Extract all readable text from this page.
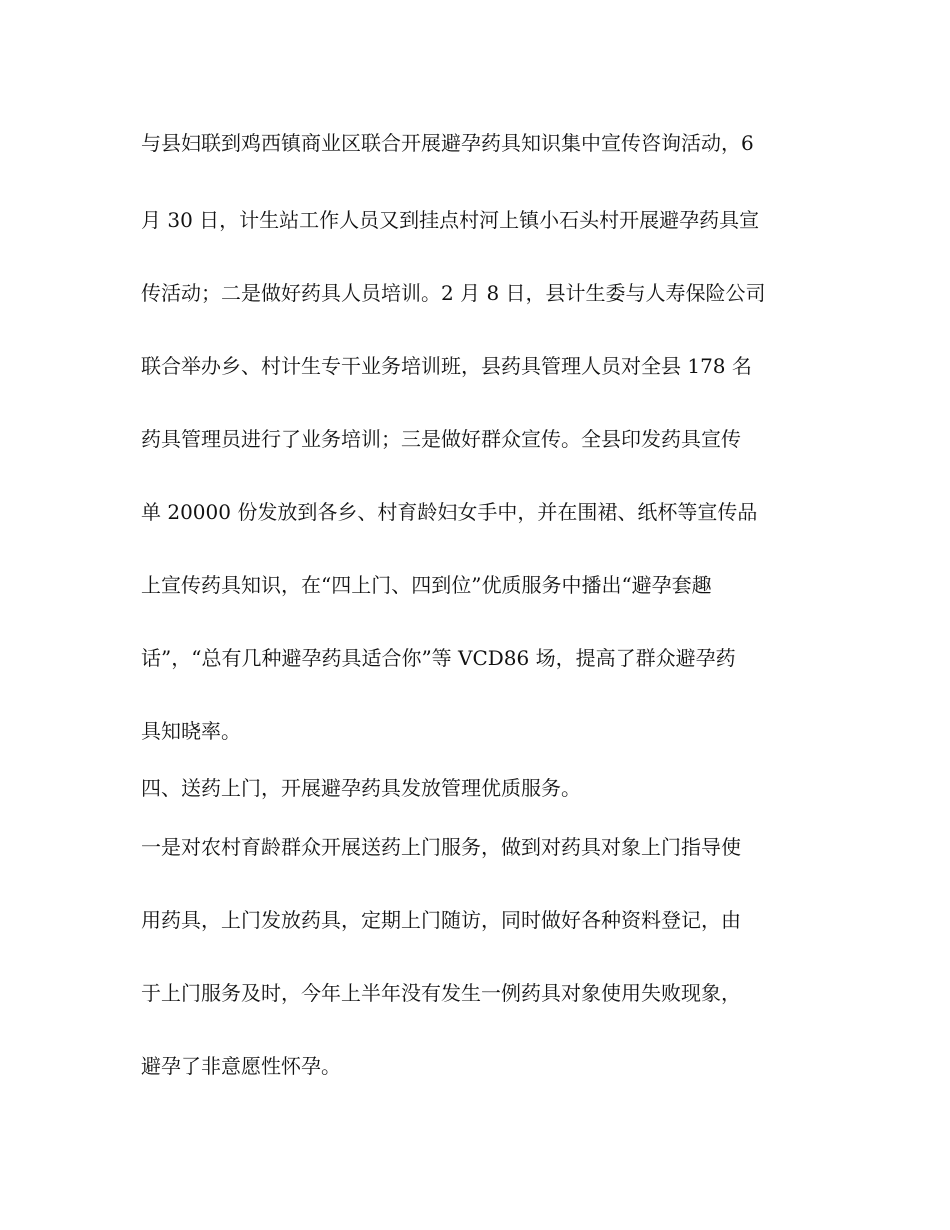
与县妇联到鸡西镇商业区联合开展避孕药具知识集中宣传咨询活动，6
月 30 日，计生站工作人员又到挂点村河上镇小石头村开展避孕药具宣
传活动；二是做好药具人员培训。2 月 8 日，县计生委与人寿保险公司
联合举办乡、村计生专干业务培训班，县药具管理人员对全县 178 名
药具管理员进行了业务培训；三是做好群众宣传。全县印发药具宣传
单 20000 份发放到各乡、村育龄妇女手中，并在围裙、纸杯等宣传品
上宣传药具知识，在“四上门、四到位”优质服务中播出“避孕套趣
话”，“总有几种避孕药具适合你”等 VCD86 场，提高了群众避孕药
具知晓率。
四、送药上门，开展避孕药具发放管理优质服务。
一是对农村育龄群众开展送药上门服务，做到对药具对象上门指导使
用药具，上门发放药具，定期上门随访，同时做好各种资料登记，由
于上门服务及时，今年上半年没有发生一例药具对象使用失败现象，
避孕了非意愿性怀孕。
